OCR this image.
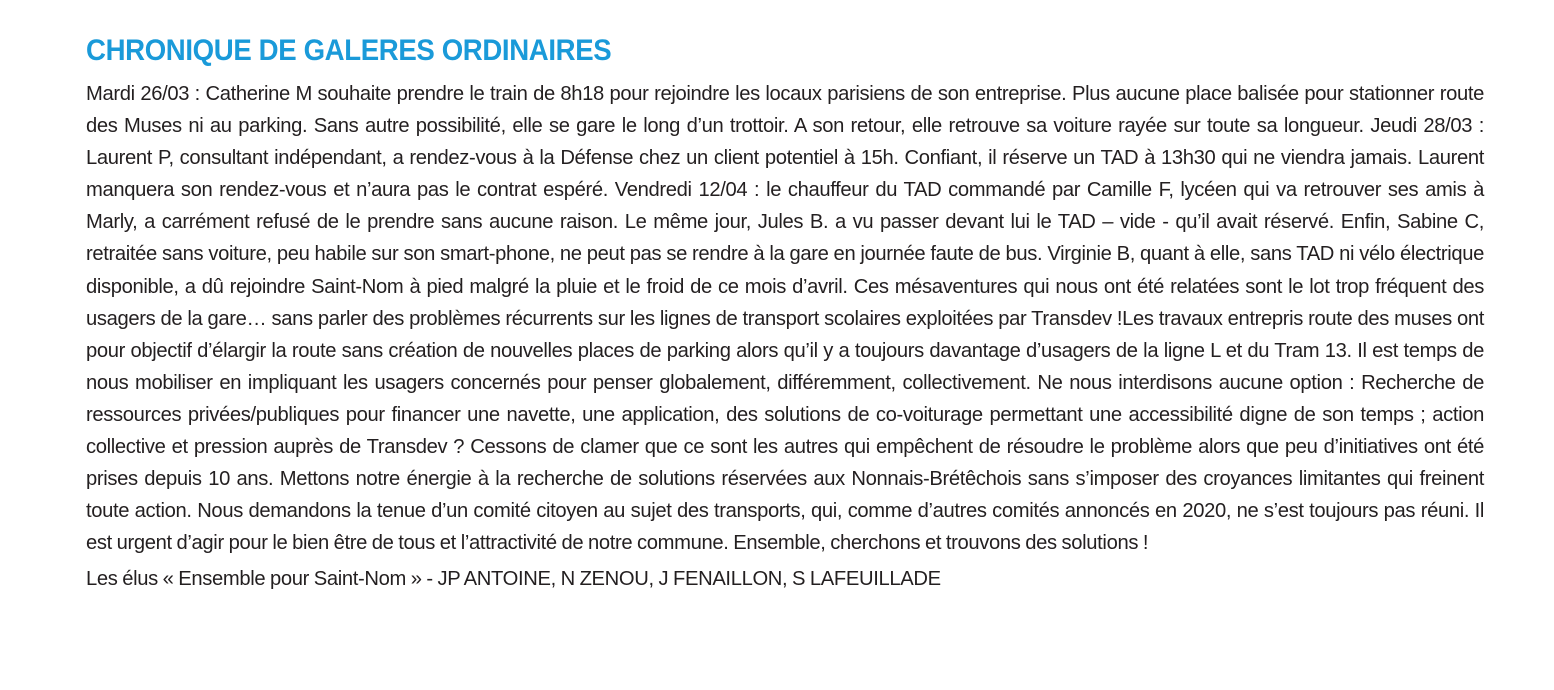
CHRONIQUE DE GALERES ORDINAIRES

Mardi 26/03 : Catherine M souhaite prendre le train de 8h18 pour rejoindre les locaux parisiens de son entreprise. Plus aucune place balisée pour stationner route des Muses ni au parking. Sans autre possibilité, elle se gare le long d’un trottoir. A son retour, elle retrouve sa voiture rayée sur toute sa longueur. Jeudi 28/03 : Laurent P, consultant indépendant, a rendez-vous à la Défense chez un client potentiel à 15h. Confiant, il réserve un TAD à 13h30 qui ne viendra jamais. Laurent manquera son rendez-vous et n’aura pas le contrat espéré. Vendredi 12/04 : le chauffeur du TAD commandé par Camille F, lycéen qui va retrouver ses amis à Marly, a carrément refusé de le prendre sans aucune raison. Le même jour, Jules B. a vu passer devant lui le TAD – vide - qu’il avait réservé. Enfin, Sabine C, retraitée sans voiture, peu habile sur son smart-phone, ne peut pas se rendre à la gare en journée faute de bus. Virginie B, quant à elle, sans TAD ni vélo électrique disponible, a dû rejoindre Saint-Nom à pied malgré la pluie et le froid de ce mois d’avril. Ces mésaventures qui nous ont été relatées sont le lot trop fréquent des usagers de la gare… sans parler des problèmes récurrents sur les lignes de transport scolaires exploitées par Transdev !Les travaux entrepris route des muses ont pour objectif d’élargir la route sans création de nouvelles places de parking alors qu’il y a toujours davantage d’usagers de la ligne L et du Tram 13. Il est temps de nous mobiliser en impliquant les usagers concernés pour penser globalement, différemment, collectivement. Ne nous interdisons aucune option : Recherche de ressources privées/publiques pour financer une navette, une application, des solutions de co-voiturage permettant une accessibilité digne de son temps ; action collective et pression auprès de Transdev ? Cessons de clamer que ce sont les autres qui empêchent de résoudre le problème alors que peu d’initiatives ont été prises depuis 10 ans. Mettons notre énergie à la recherche de solutions réservées aux Nonnais-Brétêchois sans s’imposer des croyances limitantes qui freinent toute action. Nous demandons la tenue d’un comité citoyen au sujet des transports, qui, comme d’autres comités annoncés en 2020, ne s’est toujours pas réuni. Il est urgent d’agir pour le bien être de tous et l’attractivité de notre commune. Ensemble, cherchons et trouvons des solutions !

Les élus « Ensemble pour Saint-Nom » - JP ANTOINE, N ZENOU, J FENAILLON, S LAFEUILLADE
